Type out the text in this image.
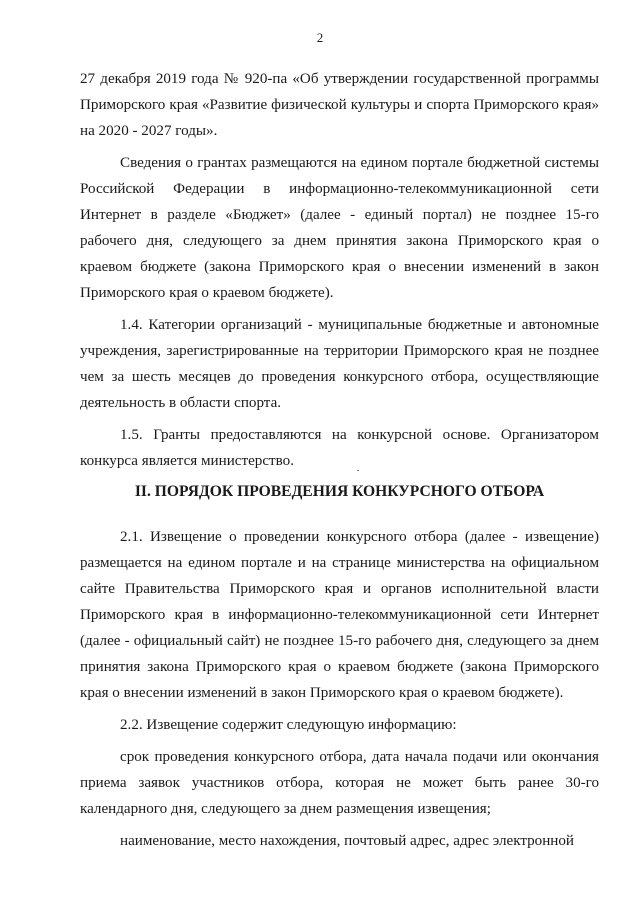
2

27 декабря 2019 года № 920-па «Об утверждении государственной программы Приморского края «Развитие физической культуры и спорта Приморского края» на 2020 - 2027 годы».

Сведения о грантах размещаются на едином портале бюджетной системы Российской Федерации в информационно-телекоммуникационной сети Интернет в разделе «Бюджет» (далее - единый портал) не позднее 15-го рабочего дня, следующего за днем принятия закона Приморского края о краевом бюджете (закона Приморского края о внесении изменений в закон Приморского края о краевом бюджете).

1.4. Категории организаций - муниципальные бюджетные и автономные учреждения, зарегистрированные на территории Приморского края не позднее чем за шесть месяцев до проведения конкурсного отбора, осуществляющие деятельность в области спорта.

1.5. Гранты предоставляются на конкурсной основе. Организатором конкурса является министерство.

II. ПОРЯДОК ПРОВЕДЕНИЯ КОНКУРСНОГО ОТБОРА

2.1. Извещение о проведении конкурсного отбора (далее - извещение) размещается на едином портале и на странице министерства на официальном сайте Правительства Приморского края и органов исполнительной власти Приморского края в информационно-телекоммуникационной сети Интернет (далее - официальный сайт) не позднее 15-го рабочего дня, следующего за днем принятия закона Приморского края о краевом бюджете (закона Приморского края о внесении изменений в закон Приморского края о краевом бюджете).

2.2. Извещение содержит следующую информацию:

срок проведения конкурсного отбора, дата начала подачи или окончания приема заявок участников отбора, которая не может быть ранее 30-го календарного дня, следующего за днем размещения извещения;

наименование, место нахождения, почтовый адрес, адрес электронной
